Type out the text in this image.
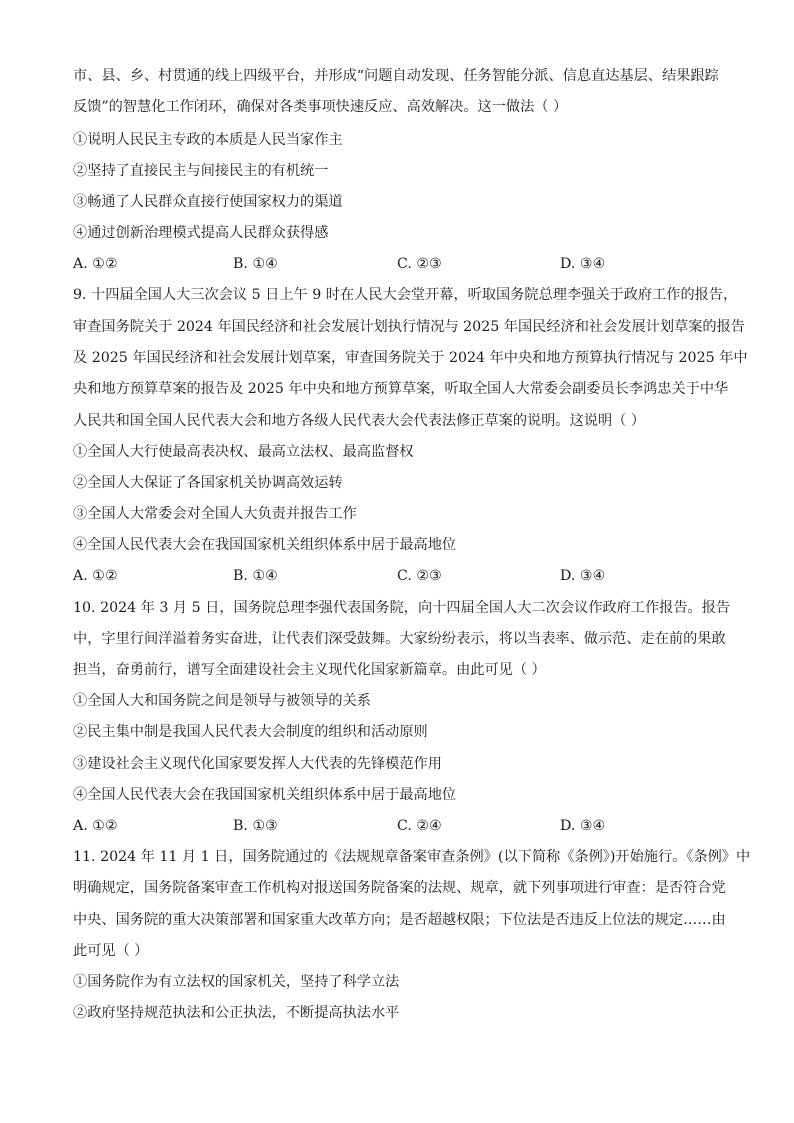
市、县、乡、村贯通的线上四级平台，并形成“问题自动发现、任务智能分派、信息直达基层、结果跟踪
反馈”的智慧化工作闭环，确保对各类事项快速反应、高效解决。这一做法（ ）
①说明人民民主专政的本质是人民当家作主
②坚持了直接民主与间接民主的有机统一
③畅通了人民群众直接行使国家权力的渠道
④通过创新治理模式提高人民群众获得感
A. ①②	B. ①④	C. ②③	D. ③④
9. 十四届全国人大三次会议 5 日上午 9 时在人民大会堂开幕，听取国务院总理李强关于政府工作的报告，
审查国务院关于 2024 年国民经济和社会发展计划执行情况与 2025 年国民经济和社会发展计划草案的报告
及 2025 年国民经济和社会发展计划草案，审查国务院关于 2024 年中央和地方预算执行情况与 2025 年中
央和地方预算草案的报告及 2025 年中央和地方预算草案，听取全国人大常委会副委员长李鸿忠关于中华
人民共和国全国人民代表大会和地方各级人民代表大会代表法修正草案的说明。这说明（ ）
①全国人大行使最高表决权、最高立法权、最高监督权
②全国人大保证了各国家机关协调高效运转
③全国人大常委会对全国人大负责并报告工作
④全国人民代表大会在我国国家机关组织体系中居于最高地位
A. ①②	B. ①④	C. ②③	D. ③④
10. 2024 年 3 月 5 日，国务院总理李强代表国务院，向十四届全国人大二次会议作政府工作报告。报告
中，字里行间洋溢着务实奋进，让代表们深受鼓舞。大家纷纷表示，将以当表率、做示范、走在前的果敢
担当，奋勇前行，谱写全面建设社会主义现代化国家新篇章。由此可见（ ）
①全国人大和国务院之间是领导与被领导的关系
②民主集中制是我国人民代表大会制度的组织和活动原则
③建设社会主义现代化国家要发挥人大代表的先锋模范作用
④全国人民代表大会在我国国家机关组织体系中居于最高地位
A. ①②	B. ①③	C. ②④	D. ③④
11. 2024 年 11 月 1 日，国务院通过的《法规规章备案审查条例》(以下简称《条例》)开始施行。《条例》中
明确规定，国务院备案审查工作机构对报送国务院备案的法规、规章，就下列事项进行审查：是否符合党
中央、国务院的重大决策部署和国家重大改革方向；是否超越权限；下位法是否违反上位法的规定……由
此可见（ ）
①国务院作为有立法权的国家机关，坚持了科学立法
②政府坚持规范执法和公正执法，不断提高执法水平
